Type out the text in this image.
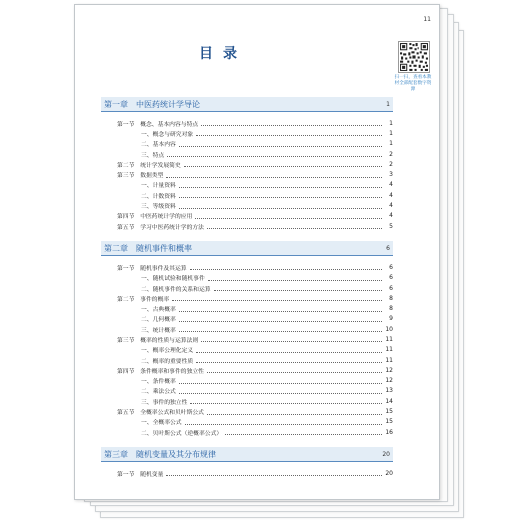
11
目录
扫一扫，查看本教材全部配套数字资源
第一章　中医药统计学导论	1
第一节　概念、基本内容与特点	1
一、概念与研究对象	1
二、基本内容	1
三、特点	2
第二节　统计学发展简史	2
第三节　数据类型	3
一、计量资料	4
二、计数资料	4
三、等级资料	4
第四节　中医药统计学的应用	4
第五节　学习中医药统计学的方法	5
第二章　随机事件和概率	6
第一节　随机事件及其运算	6
一、随机试验和随机事件	6
二、随机事件的关系和运算	6
第二节　事件的概率	8
一、古典概率	8
二、几何概率	9
三、统计概率	10
第三节　概率的性质与运算法则	11
一、概率公理化定义	11
二、概率的重要性质	11
第四节　条件概率和事件的独立性	12
一、条件概率	12
二、乘法公式	13
三、事件的独立性	14
第五节　全概率公式和贝叶斯公式	15
一、全概率公式	15
二、贝叶斯公式（逆概率公式）	16
第三章　随机变量及其分布规律	20
第一节　随机变量	20
